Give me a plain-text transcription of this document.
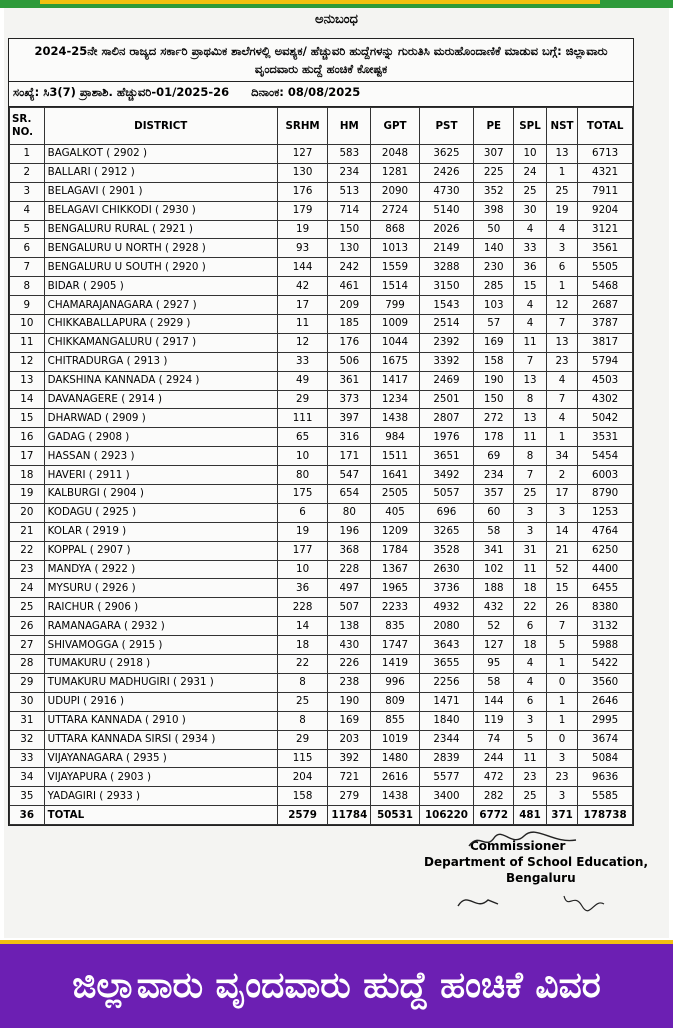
ಅನುಬಂಧ
2024-25ನೇ ಸಾಲಿನ ರಾಜ್ಯದ ಸರ್ಕಾರಿ ಪ್ರಾಥಮಿಕ ಶಾಲೆಗಳಲ್ಲಿ ಅವಶ್ಯಕ/ ಹೆಚ್ಚುವರಿ ಹುದ್ದೆಗಳನ್ನು ಗುರುತಿಸಿ ಮರುಹೊಂದಾಣಿಕೆ ಮಾಡುವ ಬಗ್ಗೆ: ಜಿಲ್ಲಾವಾರು ವೃಂದವಾರು ಹುದ್ದೆ ಹಂಚಿಕೆ ಕೋಷ್ಟಕ
ಸಂಖ್ಯೆ: ಸಿ3(7) ಪ್ರಾಶಾಶಿ. ಹೆಚ್ಚುವರಿ-01/2025-26 ದಿನಾಂಕ: 08/08/2025
SR. NO.	DISTRICT	SRHM	HM	GPT	PST	PE	SPL	NST	TOTAL
1	BAGALKOT ( 2902 )	127	583	2048	3625	307	10	13	6713
2	BALLARI ( 2912 )	130	234	1281	2426	225	24	1	4321
3	BELAGAVI ( 2901 )	176	513	2090	4730	352	25	25	7911
4	BELAGAVI CHIKKODI ( 2930 )	179	714	2724	5140	398	30	19	9204
5	BENGALURU RURAL ( 2921 )	19	150	868	2026	50	4	4	3121
6	BENGALURU U NORTH ( 2928 )	93	130	1013	2149	140	33	3	3561
7	BENGALURU U SOUTH ( 2920 )	144	242	1559	3288	230	36	6	5505
8	BIDAR ( 2905 )	42	461	1514	3150	285	15	1	5468
9	CHAMARAJANAGARA ( 2927 )	17	209	799	1543	103	4	12	2687
10	CHIKKABALLAPURA ( 2929 )	11	185	1009	2514	57	4	7	3787
11	CHIKKAMANGALURU ( 2917 )	12	176	1044	2392	169	11	13	3817
12	CHITRADURGA ( 2913 )	33	506	1675	3392	158	7	23	5794
13	DAKSHINA KANNADA ( 2924 )	49	361	1417	2469	190	13	4	4503
14	DAVANAGERE ( 2914 )	29	373	1234	2501	150	8	7	4302
15	DHARWAD ( 2909 )	111	397	1438	2807	272	13	4	5042
16	GADAG ( 2908 )	65	316	984	1976	178	11	1	3531
17	HASSAN ( 2923 )	10	171	1511	3651	69	8	34	5454
18	HAVERI ( 2911 )	80	547	1641	3492	234	7	2	6003
19	KALBURGI ( 2904 )	175	654	2505	5057	357	25	17	8790
20	KODAGU ( 2925 )	6	80	405	696	60	3	3	1253
21	KOLAR ( 2919 )	19	196	1209	3265	58	3	14	4764
22	KOPPAL ( 2907 )	177	368	1784	3528	341	31	21	6250
23	MANDYA ( 2922 )	10	228	1367	2630	102	11	52	4400
24	MYSURU ( 2926 )	36	497	1965	3736	188	18	15	6455
25	RAICHUR ( 2906 )	228	507	2233	4932	432	22	26	8380
26	RAMANAGARA ( 2932 )	14	138	835	2080	52	6	7	3132
27	SHIVAMOGGA ( 2915 )	18	430	1747	3643	127	18	5	5988
28	TUMAKURU ( 2918 )	22	226	1419	3655	95	4	1	5422
29	TUMAKURU MADHUGIRI ( 2931 )	8	238	996	2256	58	4	0	3560
30	UDUPI ( 2916 )	25	190	809	1471	144	6	1	2646
31	UTTARA KANNADA ( 2910 )	8	169	855	1840	119	3	1	2995
32	UTTARA KANNADA SIRSI ( 2934 )	29	203	1019	2344	74	5	0	3674
33	VIJAYANAGARA ( 2935 )	115	392	1480	2839	244	11	3	5084
34	VIJAYAPURA ( 2903 )	204	721	2616	5577	472	23	23	9636
35	YADAGIRI ( 2933 )	158	279	1438	3400	282	25	3	5585
36	TOTAL	2579	11784	50531	106220	6772	481	371	178738
Commissioner
Department of School Education,
Bengaluru
ಜಿಲ್ಲಾವಾರು ವೃಂದವಾರು ಹುದ್ದೆ ಹಂಚಿಕೆ ವಿವರ
